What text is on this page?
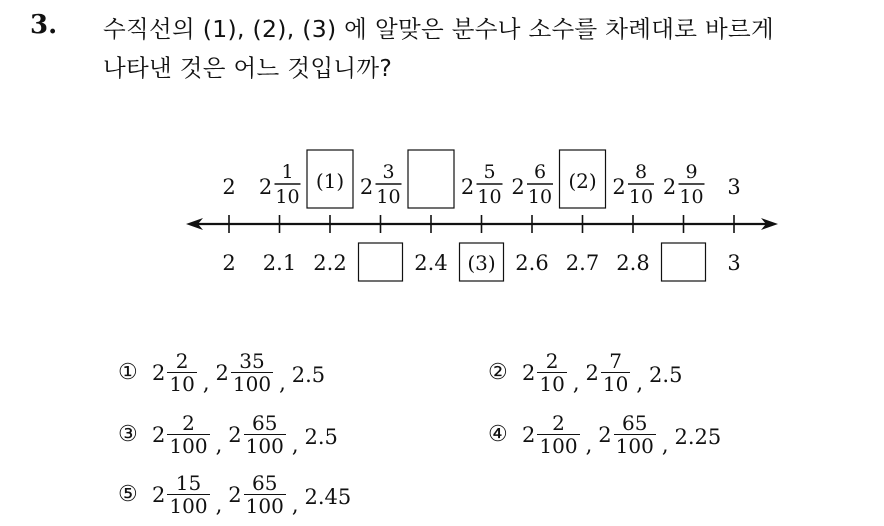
3. 수직선의 (1), (2), (3) 에 알맞은 분수나 소수를 차례대로 바르게
나타낸 것은 어느 것입니까?
2 2
1
10
(1) 2
3
10	2
5
10 2
6
10
(2) 2
8
10 2
9
10 3
2 2.1 2.2	2.4 (3) 2.6 2.7 2.8	3
① $2 \frac{2}{10}$ , $2 \frac{35}{100}$ , 2.5	② $2 \frac{2}{10}$ , $2 \frac{7}{10}$ , 2.5
③ $2 \frac{2}{100}$ , $2 \frac{65}{100}$ , 2.5	④ $2 \frac{2}{100}$ , $2 \frac{65}{100}$ , 2.25
⑤ $2 \frac{15}{100}$ , $2 \frac{65}{100}$ , 2.45
